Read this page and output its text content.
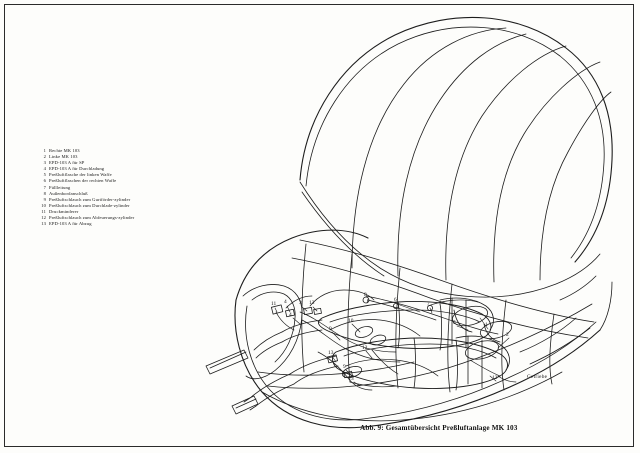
1 Rechte MK 103
2 Linke MK 103
3 EPD-103 A für SP
4 EPD-103 A für Durchladung
5 Preßluftflasche der linken Waffe
6 Preßluftflaschen der rechten Waffe
7 Füllleitung
8 Außenbordanschluß
9 Preßluftschlauch zum Gurtförder-zylinder
10 Preßluftschlauch zum Durchlade-zylinder
11 Druckminderer
12 Preßluftschlauch zum Abfeuerungs-zylinder
13 EPD-103 A für Abzug
11 4 3 13
8
6
7
4
9
10	5	1
2
12
13
9
3	12	Getriebe
Abb. 9: Gesamtübersicht Preßluftanlage MK 103
